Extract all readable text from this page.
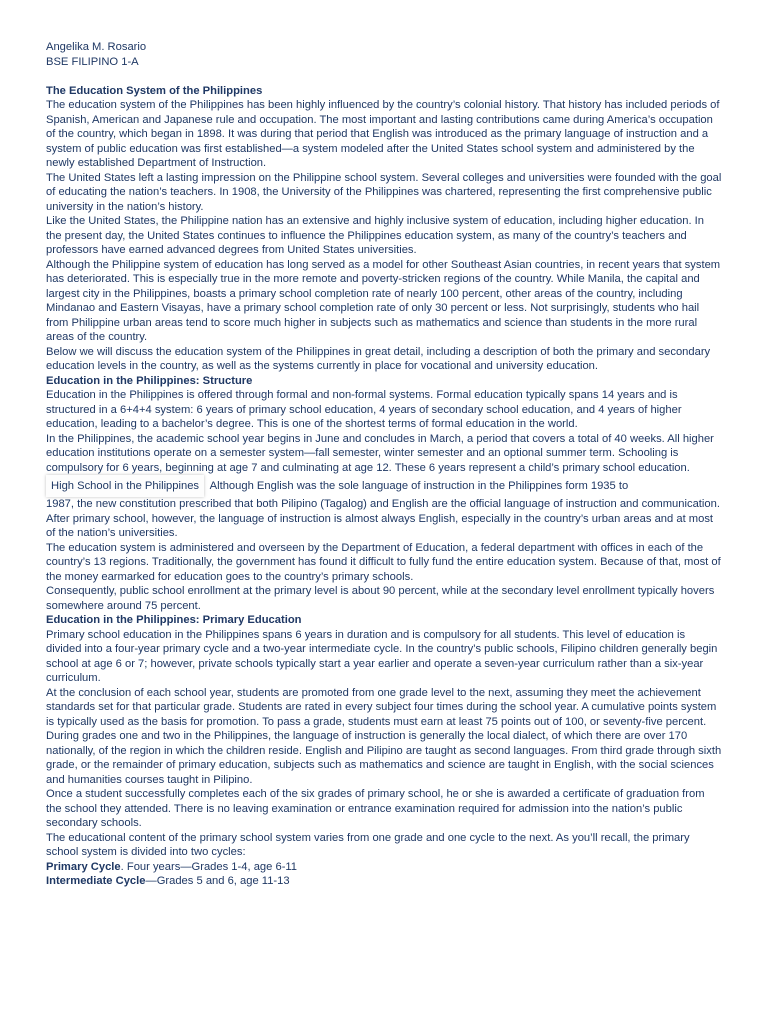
Angelika M. Rosario

BSE FILIPINO 1-A

The Education System of the Philippines

The education system of the Philippines has been highly influenced by the country’s colonial history. That history has included periods of Spanish, American and Japanese rule and occupation. The most important and lasting contributions came during America’s occupation of the country, which began in 1898. It was during that period that English was introduced as the primary language of instruction and a system of public education was first established—a system modeled after the United States school system and administered by the newly established Department of Instruction.

The United States left a lasting impression on the Philippine school system. Several colleges and universities were founded with the goal of educating the nation’s teachers. In 1908, the University of the Philippines was chartered, representing the first comprehensive public university in the nation’s history.

Like the United States, the Philippine nation has an extensive and highly inclusive system of education, including higher education. In the present day, the United States continues to influence the Philippines education system, as many of the country’s teachers and professors have earned advanced degrees from United States universities.

Although the Philippine system of education has long served as a model for other Southeast Asian countries, in recent years that system has deteriorated. This is especially true in the more remote and poverty-stricken regions of the country. While Manila, the capital and largest city in the Philippines, boasts a primary school completion rate of nearly 100 percent, other areas of the country, including Mindanao and Eastern Visayas, have a primary school completion rate of only 30 percent or less. Not surprisingly, students who hail from Philippine urban areas tend to score much higher in subjects such as mathematics and science than students in the more rural areas of the country.

Below we will discuss the education system of the Philippines in great detail, including a description of both the primary and secondary education levels in the country, as well as the systems currently in place for vocational and university education.

Education in the Philippines: Structure

Education in the Philippines is offered through formal and non-formal systems. Formal education typically spans 14 years and is structured in a 6+4+4 system: 6 years of primary school education, 4 years of secondary school education, and 4 years of higher education, leading to a bachelor’s degree. This is one of the shortest terms of formal education in the world.

In the Philippines, the academic school year begins in June and concludes in March, a period that covers a total of 40 weeks. All higher education institutions operate on a semester system—fall semester, winter semester and an optional summer term. Schooling is compulsory for 6 years, beginning at age 7 and culminating at age 12. These 6 years represent a child’s primary school education.

High School in the Philippines Although English was the sole language of instruction in the Philippines form 1935 to

1987, the new constitution prescribed that both Pilipino (Tagalog) and English are the official language of instruction and communication. After primary school, however, the language of instruction is almost always English, especially in the country’s urban areas and at most of the nation’s universities.

The education system is administered and overseen by the Department of Education, a federal department with offices in each of the country’s 13 regions. Traditionally, the government has found it difficult to fully fund the entire education system. Because of that, most of the money earmarked for education goes to the country’s primary schools.

Consequently, public school enrollment at the primary level is about 90 percent, while at the secondary level enrollment typically hovers somewhere around 75 percent.

Education in the Philippines: Primary Education

Primary school education in the Philippines spans 6 years in duration and is compulsory for all students. This level of education is divided into a four-year primary cycle and a two-year intermediate cycle. In the country’s public schools, Filipino children generally begin school at age 6 or 7; however, private schools typically start a year earlier and operate a seven-year curriculum rather than a six-year curriculum.

At the conclusion of each school year, students are promoted from one grade level to the next, assuming they meet the achievement standards set for that particular grade. Students are rated in every subject four times during the school year. A cumulative points system is typically used as the basis for promotion. To pass a grade, students must earn at least 75 points out of 100, or seventy-five percent.

During grades one and two in the Philippines, the language of instruction is generally the local dialect, of which there are over 170 nationally, of the region in which the children reside. English and Pilipino are taught as second languages. From third grade through sixth grade, or the remainder of primary education, subjects such as mathematics and science are taught in English, with the social sciences and humanities courses taught in Pilipino.

Once a student successfully completes each of the six grades of primary school, he or she is awarded a certificate of graduation from the school they attended. There is no leaving examination or entrance examination required for admission into the nation’s public secondary schools.

The educational content of the primary school system varies from one grade and one cycle to the next. As you’ll recall, the primary school system is divided into two cycles:

Primary Cycle. Four years—Grades 1-4, age 6-11

Intermediate Cycle—Grades 5 and 6, age 11-13
